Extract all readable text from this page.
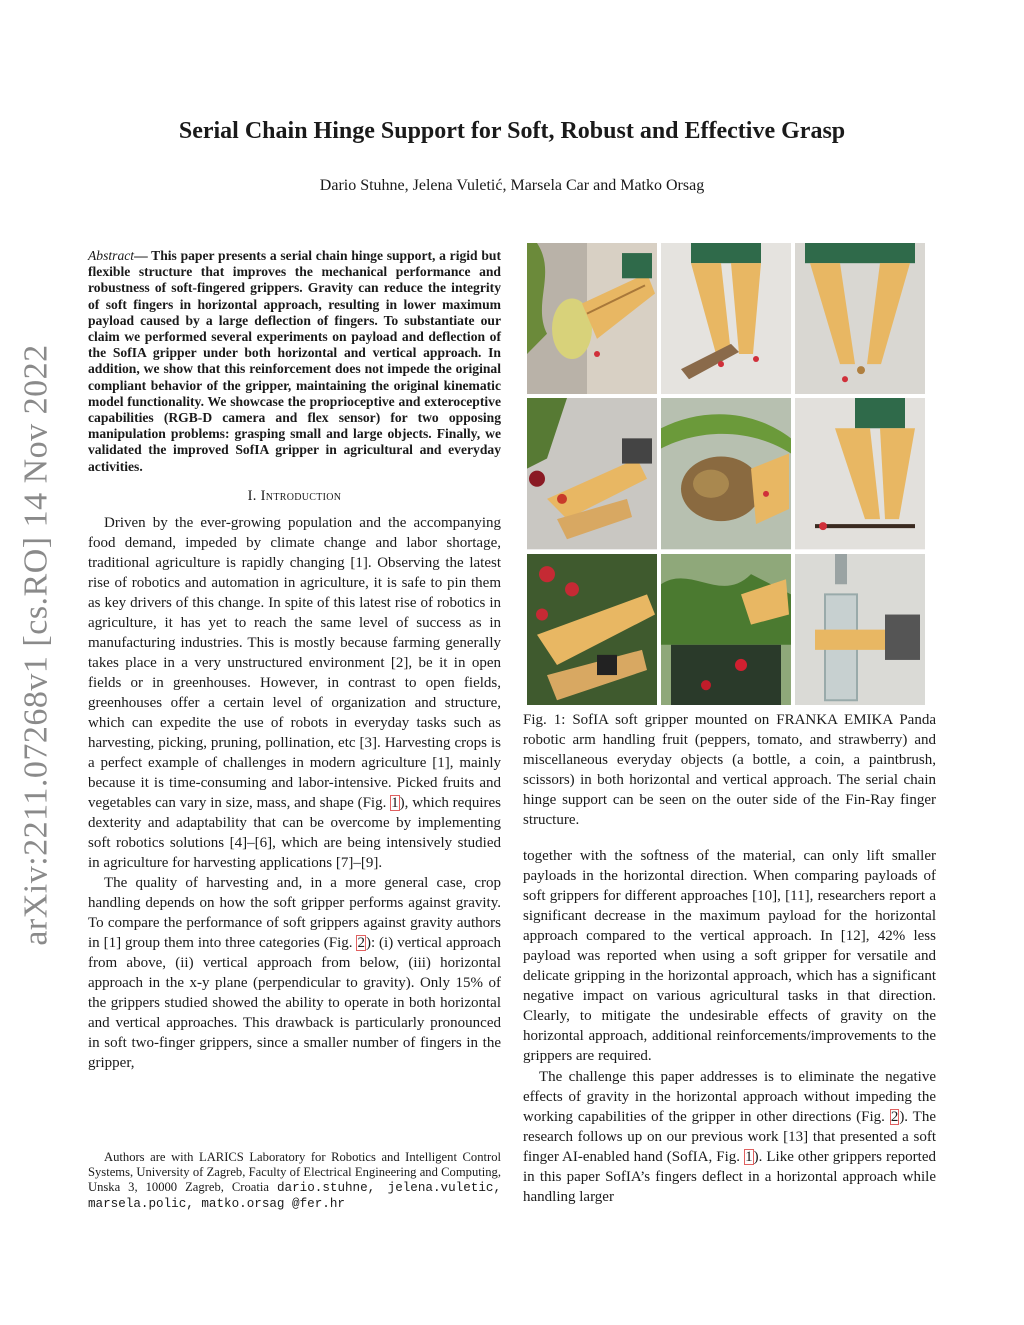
arXiv:2211.07268v1 [cs.RO] 14 Nov 2022
Serial Chain Hinge Support for Soft, Robust and Effective Grasp
Dario Stuhne, Jelena Vuletić, Marsela Car and Matko Orsag

Abstract— This paper presents a serial chain hinge support, a rigid but flexible structure that improves the mechanical performance and robustness of soft-fingered grippers. Gravity can reduce the integrity of soft fingers in horizontal approach, resulting in lower maximum payload caused by a large deflection of fingers. To substantiate our claim we performed several experiments on payload and deflection of the SofIA gripper under both horizontal and vertical approach. In addition, we show that this reinforcement does not impede the original compliant behavior of the gripper, maintaining the original kinematic model functionality. We showcase the proprioceptive and exteroceptive capabilities (RGB-D camera and flex sensor) for two opposing manipulation problems: grasping small and large objects. Finally, we validated the improved SofIA gripper in agricultural and everyday activities.

I. Introduction

Driven by the ever-growing population and the accompanying food demand, impeded by climate change and labor shortage, traditional agriculture is rapidly changing [1]. Observing the latest rise of robotics and automation in agriculture, it is safe to pin them as key drivers of this change. In spite of this latest rise of robotics in agriculture, it has yet to reach the same level of success as in manufacturing industries. This is mostly because farming generally takes place in a very unstructured environment [2], be it in open fields or in greenhouses. However, in contrast to open fields, greenhouses offer a certain level of organization and structure, which can expedite the use of robots in everyday tasks such as harvesting, picking, pruning, pollination, etc [3]. Harvesting crops is a perfect example of challenges in modern agriculture [1], mainly because it is time-consuming and labor-intensive. Picked fruits and vegetables can vary in size, mass, and shape (Fig. 1), which requires dexterity and adaptability that can be overcome by implementing soft robotics solutions [4]–[6], which are being intensively studied in agriculture for harvesting applications [7]–[9].

The quality of harvesting and, in a more general case, crop handling depends on how the soft gripper performs against gravity. To compare the performance of soft grippers against gravity authors in [1] group them into three categories (Fig. 2): (i) vertical approach from above, (ii) vertical approach from below, (iii) horizontal approach in the x-y plane (perpendicular to gravity). Only 15% of the grippers studied showed the ability to operate in both horizontal and vertical approaches. This drawback is particularly pronounced in soft two-finger grippers, since a smaller number of fingers in the gripper,

Authors are with LARICS Laboratory for Robotics and Intelligent Control Systems, University of Zagreb, Faculty of Electrical Engineering and Computing, Unska 3, 10000 Zagreb, Croatia dario.stuhne, jelena.vuletic, marsela.polic, matko.orsag @fer.hr
Fig. 1: SofIA soft gripper mounted on FRANKA EMIKA Panda robotic arm handling fruit (peppers, tomato, and strawberry) and miscellaneous everyday objects (a bottle, a coin, a paintbrush, scissors) in both horizontal and vertical approach. The serial chain hinge support can be seen on the outer side of the Fin-Ray finger structure.

together with the softness of the material, can only lift smaller payloads in the horizontal direction. When comparing payloads of soft grippers for different approaches [10], [11], researchers report a significant decrease in the maximum payload for the horizontal approach compared to the vertical approach. In [12], 42% less payload was reported when using a soft gripper for versatile and delicate gripping in the horizontal approach, which has a significant negative impact on various agricultural tasks in that direction. Clearly, to mitigate the undesirable effects of gravity on the horizontal approach, additional reinforcements/improvements to the grippers are required.

The challenge this paper addresses is to eliminate the negative effects of gravity in the horizontal approach without impeding the working capabilities of the gripper in other directions (Fig. 2). The research follows up on our previous work [13] that presented a soft finger AI-enabled hand (SofIA, Fig. 1). Like other grippers reported in this paper SofIA’s fingers deflect in a horizontal approach while handling larger
